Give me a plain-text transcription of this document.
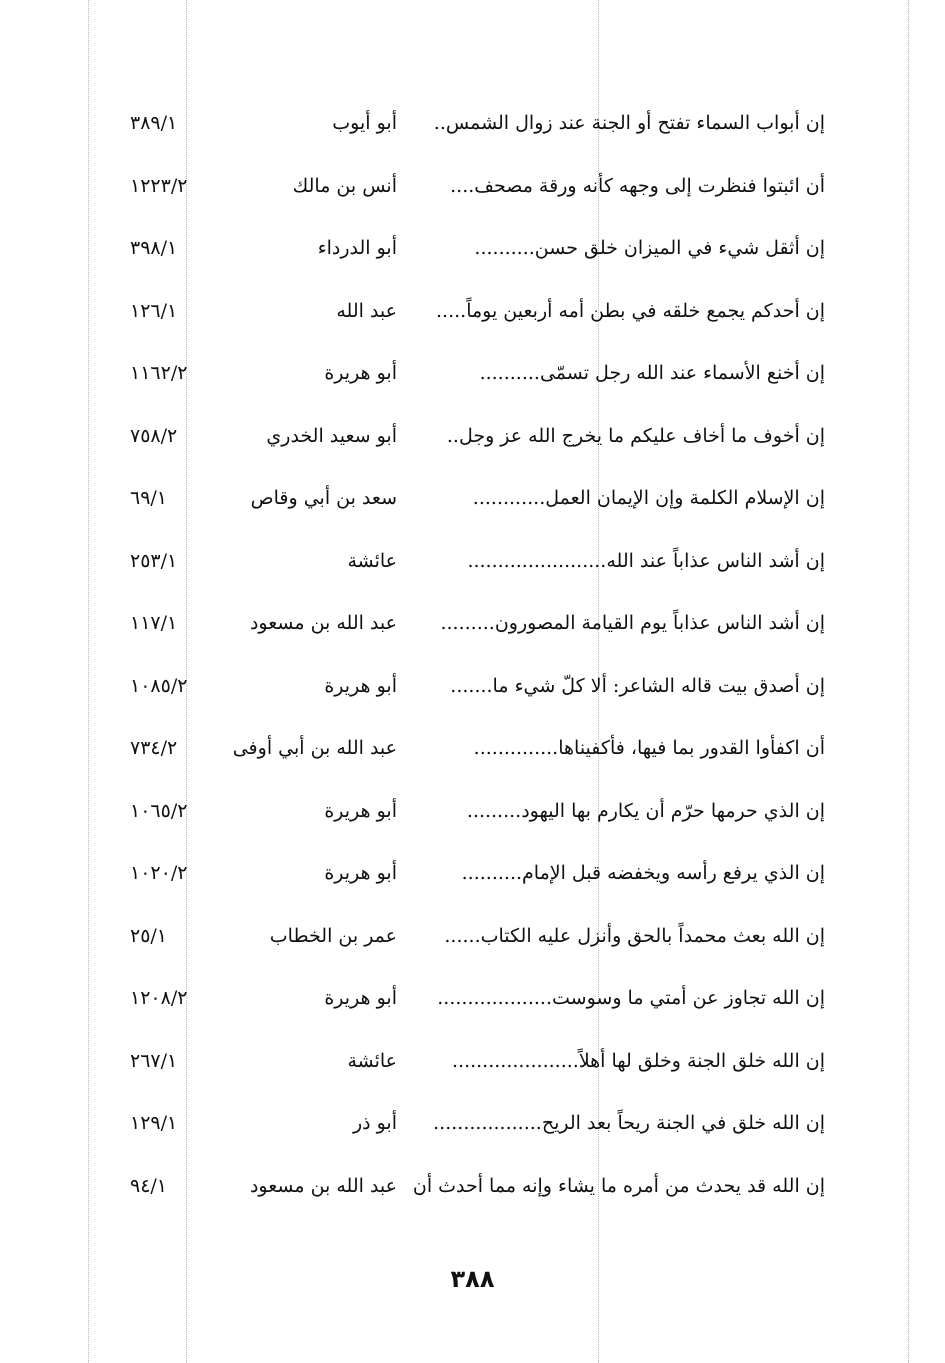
إن أبواب السماء تفتح أو الجنة عند زوال الشمس..
أبو أيوب
٣٨٩/١
أن ائبتوا فنظرت إلى وجهه كأنه ورقة مصحف....
أنس بن مالك
١٢٢٣/٢
إن أثقل شيء في الميزان خلق حسن..........
أبو الدرداء
٣٩٨/١
إن أحدكم يجمع خلقه في بطن أمه أربعين يوماً.....
عبد الله
١٢٦/١
إن أخنع الأسماء عند الله رجل تسمّى..........
أبو هريرة
١١٦٢/٢
إن أخوف ما أخاف عليكم ما يخرج الله عز وجل..
أبو سعيد الخدري
٧٥٨/٢
إن الإسلام الكلمة وإن الإيمان العمل............
سعد بن أبي وقاص
٦٩/١
إن أشد الناس عذاباً عند الله.......................
عائشة
٢٥٣/١
إن أشد الناس عذاباً يوم القيامة المصورون.........
عبد الله بن مسعود
١١٧/١
إن أصدق بيت قاله الشاعر: ألا كلّ شيء ما.......
أبو هريرة
١٠٨٥/٢
أن اكفأوا القدور بما فيها، فأكفيناها..............
عبد الله بن أبي أوفى
٧٣٤/٢
إن الذي حرمها حرّم أن يكارم بها اليهود.........
أبو هريرة
١٠٦٥/٢
إن الذي يرفع رأسه ويخفضه قبل الإمام..........
أبو هريرة
١٠٢٠/٢
إن الله بعث محمداً بالحق وأنزل عليه الكتاب......
عمر بن الخطاب
٢٥/١
إن الله تجاوز عن أمتي ما وسوست...................
أبو هريرة
١٢٠٨/٢
إن الله خلق الجنة وخلق لها أهلاً.....................
عائشة
٢٦٧/١
إن الله خلق في الجنة ريحاً بعد الريح..................
أبو ذر
١٢٩/١
إن الله قد يحدث من أمره ما يشاء وإنه مما أحدث أن
عبد الله بن مسعود
٩٤/١
٣٨٨
